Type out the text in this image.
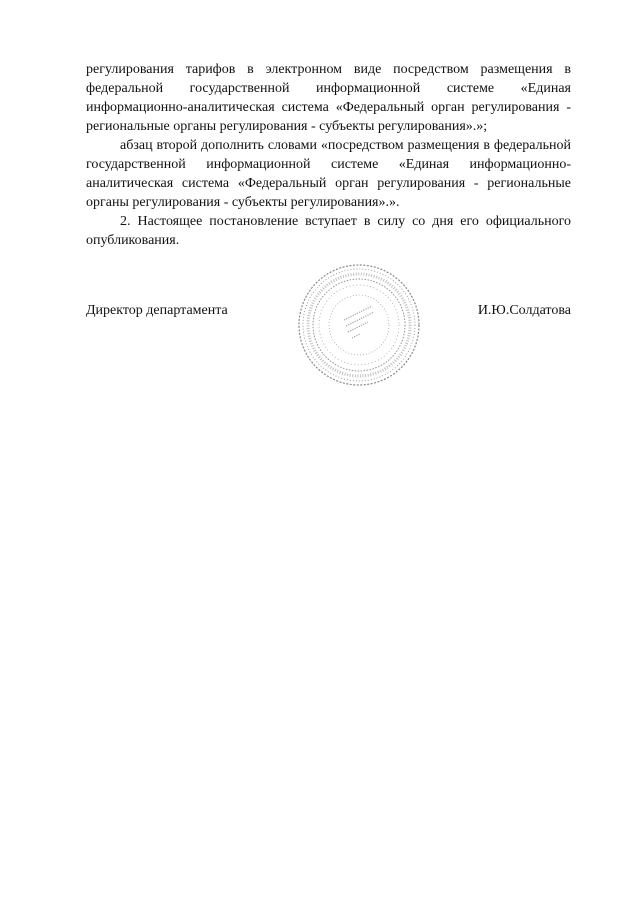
регулирования тарифов в электронном виде посредством размещения в федеральной государственной информационной системе «Единая информационно-аналитическая система «Федеральный орган регулирования - региональные органы регулирования - субъекты регулирования».»;

абзац второй дополнить словами «посредством размещения в федеральной государственной информационной системе «Единая информационно-аналитическая система «Федеральный орган регулирования - региональные органы регулирования - субъекты регулирования».».

2. Настоящее постановление вступает в силу со дня его официального опубликования.

Директор департамента	И.Ю.Солдатова
